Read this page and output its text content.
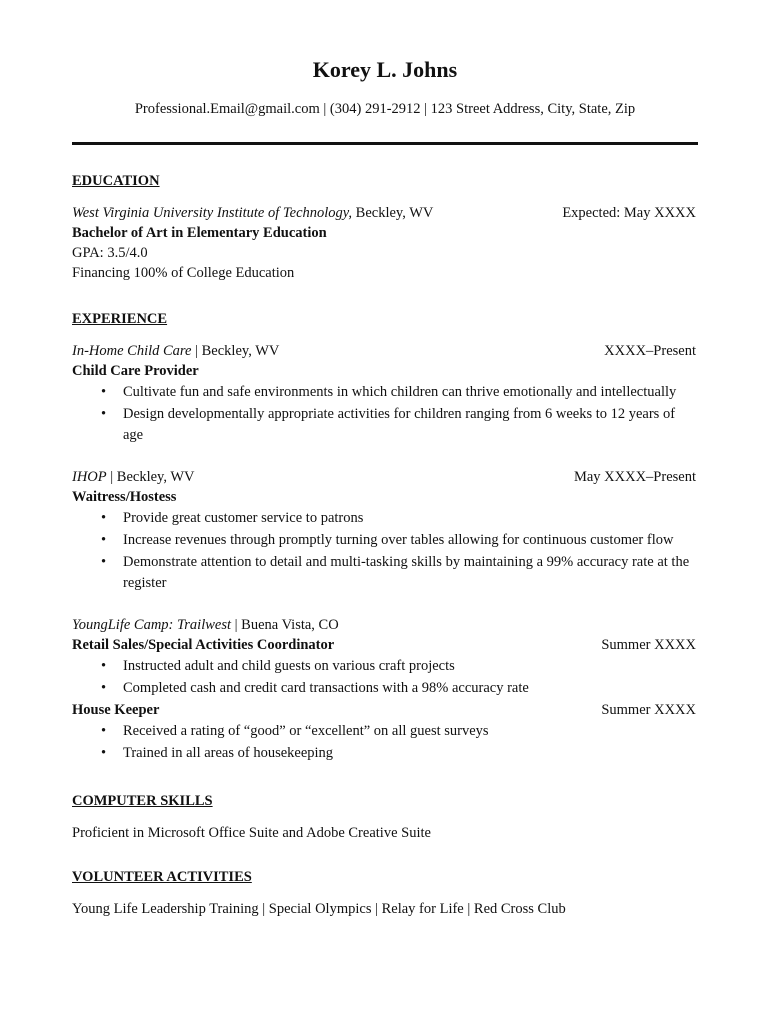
Korey L. Johns
Professional.Email@gmail.com | (304) 291-2912 | 123 Street Address, City, State, Zip
EDUCATION
West Virginia University Institute of Technology, Beckley, WV	Expected: May XXXX
Bachelor of Art in Elementary Education
GPA: 3.5/4.0
Financing 100% of College Education
EXPERIENCE
In-Home Child Care | Beckley, WV	XXXX–Present
Child Care Provider
• Cultivate fun and safe environments in which children can thrive emotionally and intellectually
• Design developmentally appropriate activities for children ranging from 6 weeks to 12 years of age
IHOP | Beckley, WV	May XXXX–Present
Waitress/Hostess
• Provide great customer service to patrons
• Increase revenues through promptly turning over tables allowing for continuous customer flow
• Demonstrate attention to detail and multi-tasking skills by maintaining a 99% accuracy rate at the register
YoungLife Camp: Trailwest | Buena Vista, CO
Retail Sales/Special Activities Coordinator	Summer XXXX
• Instructed adult and child guests on various craft projects
• Completed cash and credit card transactions with a 98% accuracy rate
House Keeper	Summer XXXX
• Received a rating of “good” or “excellent” on all guest surveys
• Trained in all areas of housekeeping
COMPUTER SKILLS
Proficient in Microsoft Office Suite and Adobe Creative Suite
VOLUNTEER ACTIVITIES
Young Life Leadership Training | Special Olympics | Relay for Life | Red Cross Club
